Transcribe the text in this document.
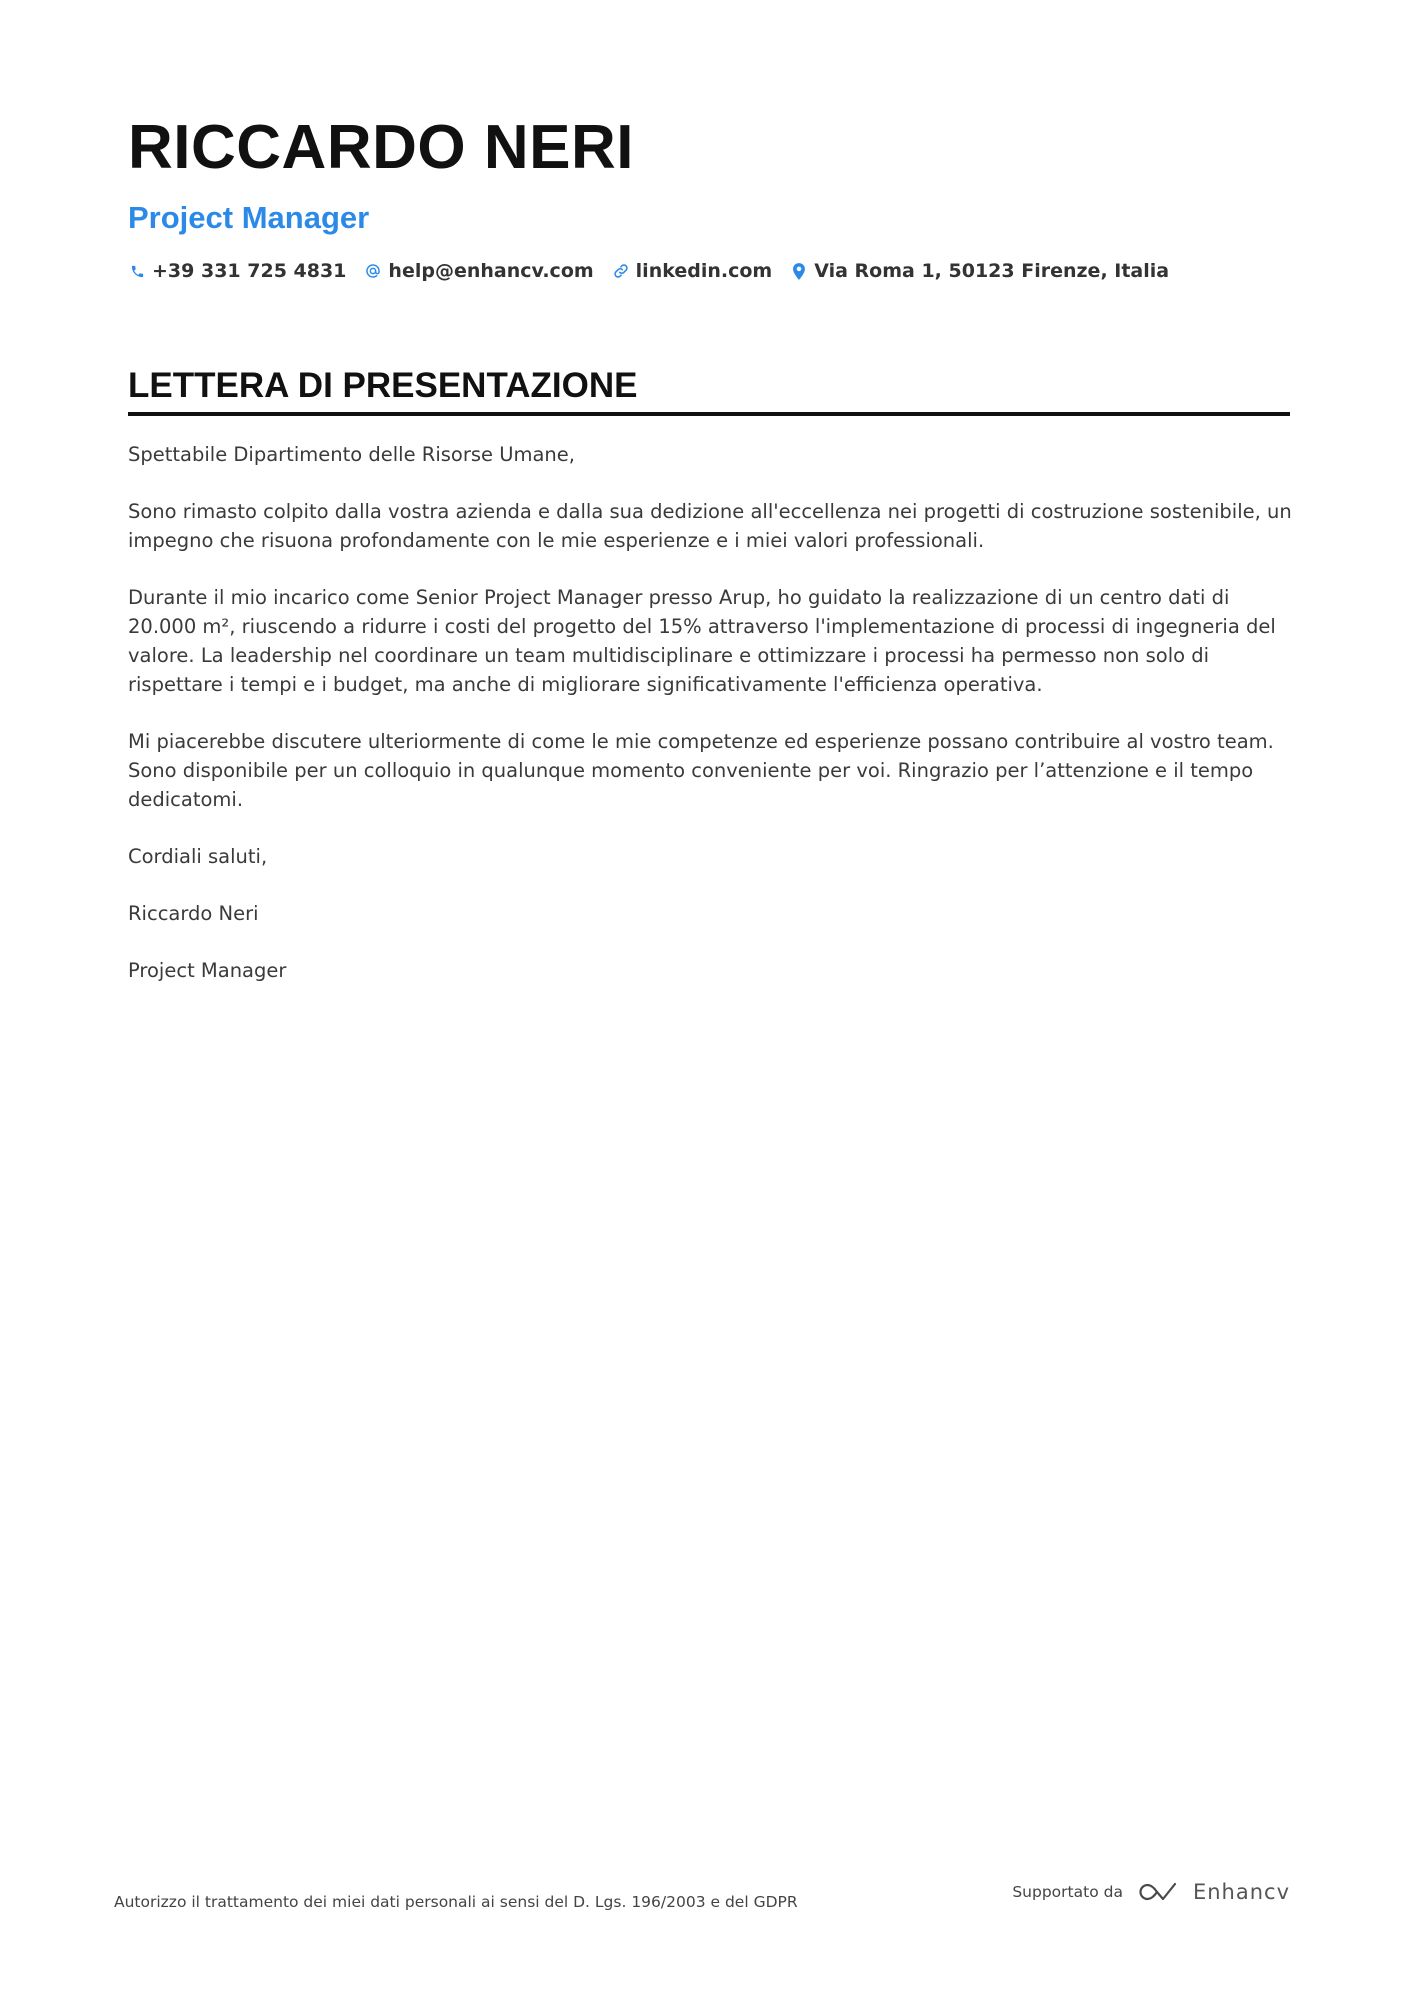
RICCARDO NERI
Project Manager
+39 331 725 4831 help@enhancv.com linkedin.com Via Roma 1, 50123 Firenze, Italia
LETTERA DI PRESENTAZIONE

Spettabile Dipartimento delle Risorse Umane,

Sono rimasto colpito dalla vostra azienda e dalla sua dedizione all'eccellenza nei progetti di costruzione sostenibile, un impegno che risuona profondamente con le mie esperienze e i miei valori professionali.

Durante il mio incarico come Senior Project Manager presso Arup, ho guidato la realizzazione di un centro dati di 20.000 m², riuscendo a ridurre i costi del progetto del 15% attraverso l'implementazione di processi di ingegneria del valore. La leadership nel coordinare un team multidisciplinare e ottimizzare i processi ha permesso non solo di rispettare i tempi e i budget, ma anche di migliorare significativamente l'efficienza operativa.

Mi piacerebbe discutere ulteriormente di come le mie competenze ed esperienze possano contribuire al vostro team. Sono disponibile per un colloquio in qualunque momento conveniente per voi. Ringrazio per l’attenzione e il tempo dedicatomi.

Cordiali saluti,

Riccardo Neri

Project Manager

Autorizzo il trattamento dei miei dati personali ai sensi del D. Lgs. 196/2003 e del GDPR
Supportato da	Enhancv
